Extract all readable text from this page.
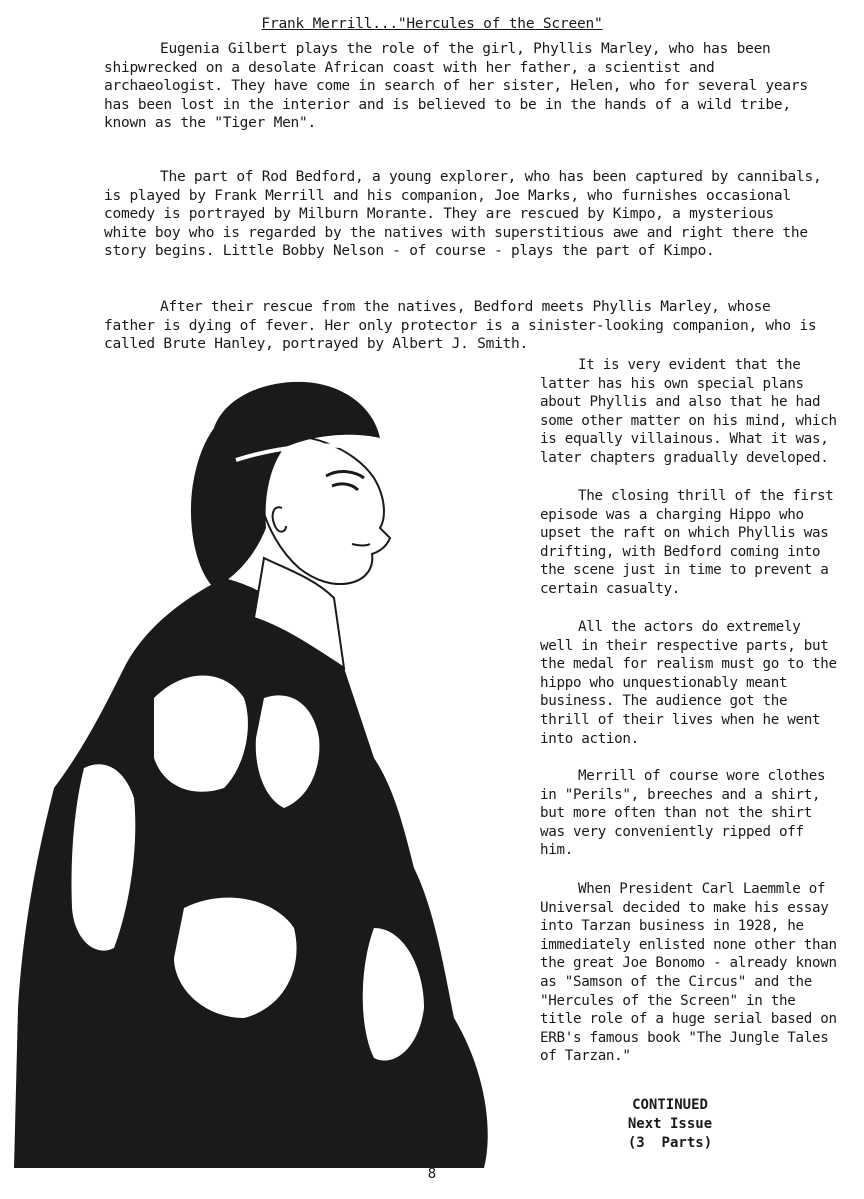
Frank Merrill..."Hercules of the Screen"

Eugenia Gilbert plays the role of the girl, Phyllis Marley, who has been shipwrecked on a desolate African coast with her father, a scientist and archaeologist. They have come in search of her sister, Helen, who for several years has been lost in the interior and is believed to be in the hands of a wild tribe, known as the "Tiger Men".

The part of Rod Bedford, a young explorer, who has been captured by cannibals, is played by Frank Merrill and his companion, Joe Marks, who furnishes occasional comedy is portrayed by Milburn Morante. They are rescued by Kimpo, a mysterious white boy who is regarded by the natives with superstitious awe and right there the story begins. Little Bobby Nelson - of course - plays the part of Kimpo.

After their rescue from the natives, Bedford meets Phyllis Marley, whose father is dying of fever. Her only protector is a sinister-looking companion, who is called Brute Hanley, portrayed by Albert J. Smith.

It is very evident that the latter has his own special plans about Phyllis and also that he had some other matter on his mind, which is equally villainous. What it was, later chapters gradually developed.

The closing thrill of the first episode was a charging Hippo who upset the raft on which Phyllis was drifting, with Bedford coming into the scene just in time to prevent a certain casualty.

All the actors do extremely well in their respective parts, but the medal for realism must go to the hippo who unquestionably meant business. The audience got the thrill of their lives when he went into action.

Merrill of course wore clothes in "Perils", breeches and a shirt, but more often than not the shirt was very conveniently ripped off him.

When President Carl Laemmle of Universal decided to make his essay into Tarzan business in 1928, he immediately enlisted none other than the great Joe Bonomo - already known as "Samson of the Circus" and the "Hercules of the Screen" in the title role of a huge serial based on ERB's famous book "The Jungle Tales of Tarzan."

CONTINUED
Next Issue
(3  Parts)
8
